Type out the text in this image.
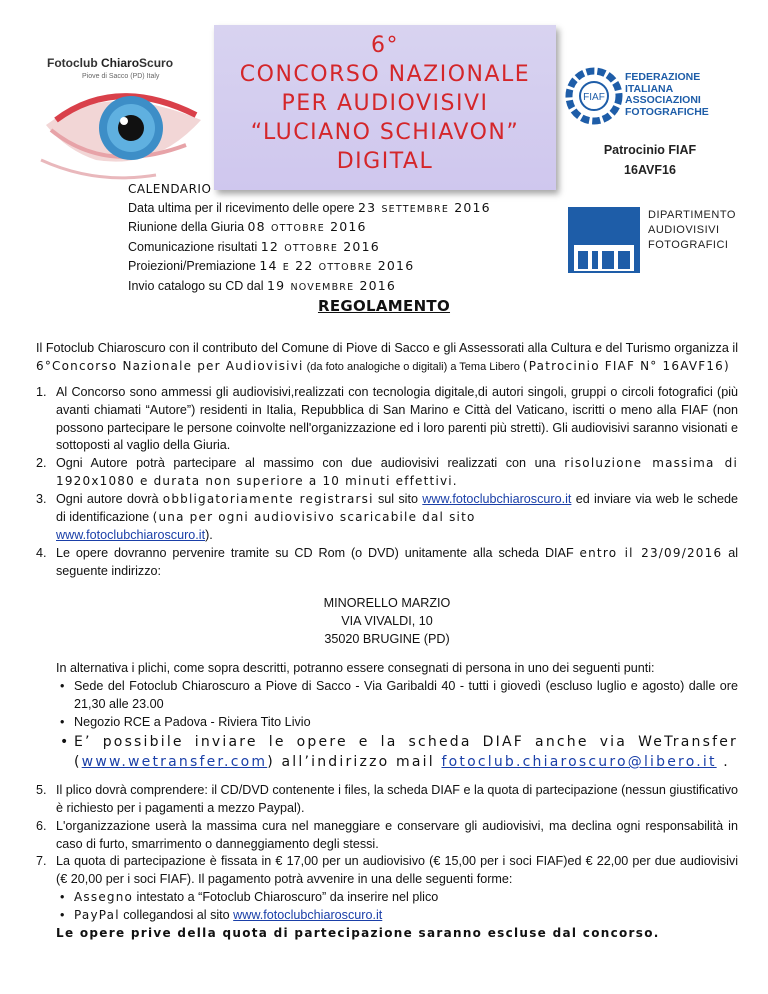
Fotoclub ChiaroScuro
Piove di Sacco (PD) Italy
6°
CONCORSO NAZIONALE
PER AUDIOVISIVI
“LUCIANO SCHIAVON”
DIGITAL
FIAF
FEDERAZIONE
ITALIANA
ASSOCIAZIONI
FOTOGRAFICHE
Patrocinio FIAF
16AVF16
DIPARTIMENTO
AUDIOVISIVI
FOTOGRAFICI
CALENDARIO
Data ultima per il ricevimento delle opere 23 SETTEMBRE 2016
Riunione della Giuria 08 OTTOBRE 2016
Comunicazione risultati 12 OTTOBRE 2016
Proiezioni/Premiazione 14 E 22 OTTOBRE 2016
Invio catalogo su CD dal 19 NOVEMBRE 2016
REGOLAMENTO

Il Fotoclub Chiaroscuro con il contributo del Comune di Piove di Sacco e gli Assessorati alla Cultura e del Turismo organizza il 6°Concorso Nazionale per Audiovisivi (da foto analogiche o digitali) a Tema Libero (Patrocinio FIAF N° 16AVF16)

1. Al Concorso sono ammessi gli audiovisivi,realizzati con tecnologia digitale,di autori singoli, gruppi o circoli fotografici (più avanti chiamati “Autore”) residenti in Italia, Repubblica di San Marino e Città del Vaticano, iscritti o meno alla FIAF (non possono partecipare le persone coinvolte nell'organizzazione ed i loro parenti più stretti). Gli audiovisivi saranno visionati e sottoposti al vaglio della Giuria.
2. Ogni Autore potrà partecipare al massimo con due audiovisivi realizzati con una risoluzione massima di 1920x1080 e durata non superiore a 10 minuti effettivi.
3. Ogni autore dovrà obbligatoriamente registrarsi sul sito www.fotoclubchiaroscuro.it ed inviare via web le schede di identificazione (una per ogni audiovisivo scaricabile dal sito
www.fotoclubchiaroscuro.it).
4. Le opere dovranno pervenire tramite su CD Rom (o DVD) unitamente alla scheda DIAF entro il 23/09/2016 al seguente indirizzo:
MINORELLO MARZIO
VIA VIVALDI, 10
35020 BRUGINE (PD)

In alternativa i plichi, come sopra descritti, potranno essere consegnati di persona in uno dei seguenti punti:

• Sede del Fotoclub Chiaroscuro a Piove di Sacco - Via Garibaldi 40 - tutti i giovedì (escluso luglio e agosto) dalle ore 21,30 alle 23.00

• Negozio RCE a Padova - Riviera Tito Livio

• E’ possibile inviare le opere e la scheda DIAF anche via WeTransfer (www.wetransfer.com) all’indirizzo mail fotoclub.chiaroscuro@libero.it .

5. Il plico dovrà comprendere: il CD/DVD contenente i files, la scheda DIAF e la quota di partecipazione (nessun giustificativo è richiesto per i pagamenti a mezzo Paypal).
6. L'organizzazione userà la massima cura nel maneggiare e conservare gli audiovisivi, ma declina ogni responsabilità in caso di furto, smarrimento o danneggiamento degli stessi.
7. La quota di partecipazione è fissata in € 17,00 per un audiovisivo (€ 15,00 per i soci FIAF)ed € 22,00 per due audiovisivi (€ 20,00 per i soci FIAF). Il pagamento potrà avvenire in una delle seguenti forme:

• Assegno intestato a “Fotoclub Chiaroscuro” da inserire nel plico

• PayPal collegandosi al sito www.fotoclubchiaroscuro.it

Le opere prive della quota di partecipazione saranno escluse dal concorso.
